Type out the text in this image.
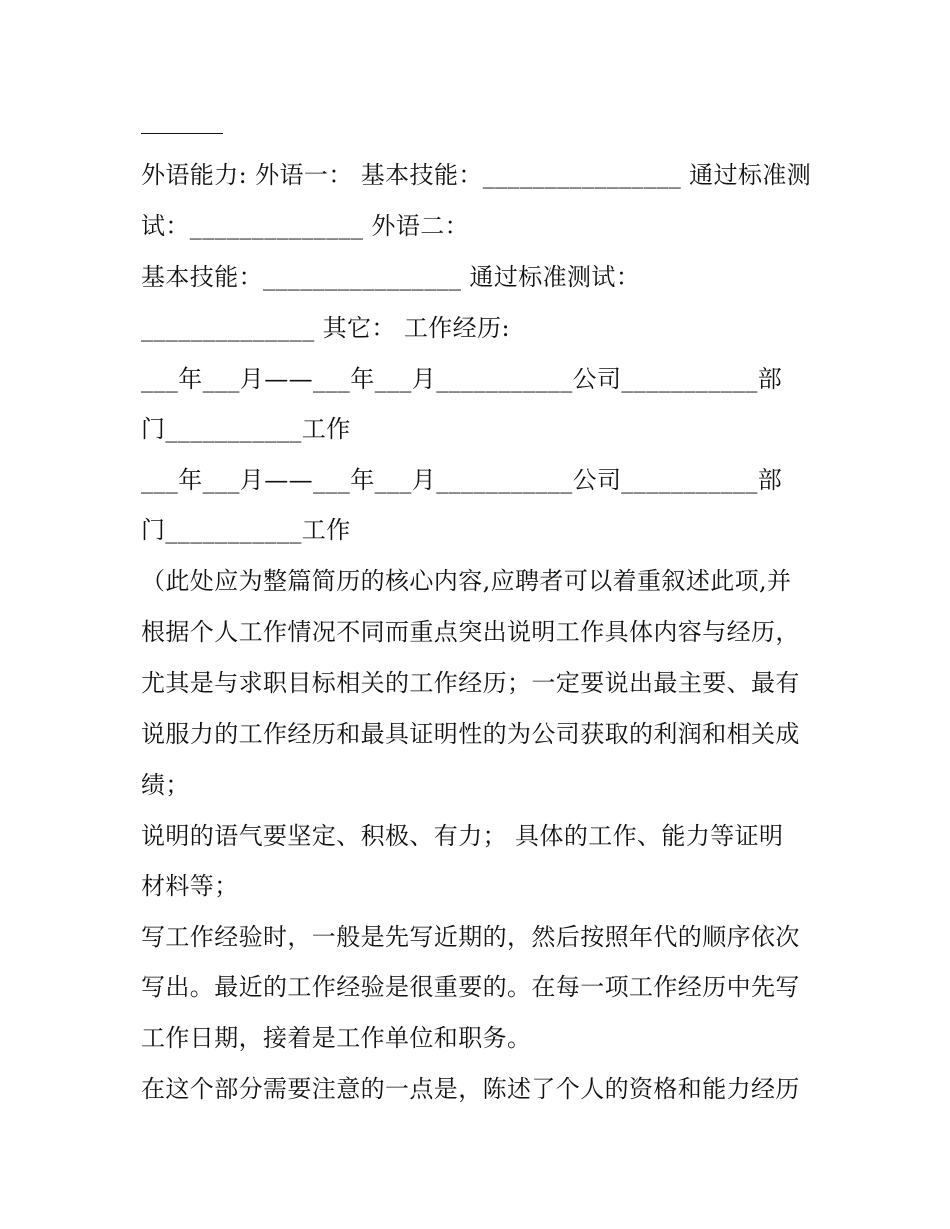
外语能力: 外语一： 基本技能：________________ 通过标准测
试：______________ 外语二：
基本技能：________________ 通过标准测试：
______________ 其它： 工作经历:
___年___月——___年___月___________公司___________部
门___________工作
___年___月——___年___月___________公司___________部
门___________工作
（此处应为整篇简历的核心内容,应聘者可以着重叙述此项,并
根据个人工作情况不同而重点突出说明工作具体内容与经历，
尤其是与求职目标相关的工作经历；一定要说出最主要、最有
说服力的工作经历和最具证明性的为公司获取的利润和相关成
绩；
说明的语气要坚定、积极、有力； 具体的工作、能力等证明
材料等；
写工作经验时，一般是先写近期的，然后按照年代的顺序依次
写出。最近的工作经验是很重要的。在每一项工作经历中先写
工作日期，接着是工作单位和职务。
在这个部分需要注意的一点是，陈述了个人的资格和能力经历
